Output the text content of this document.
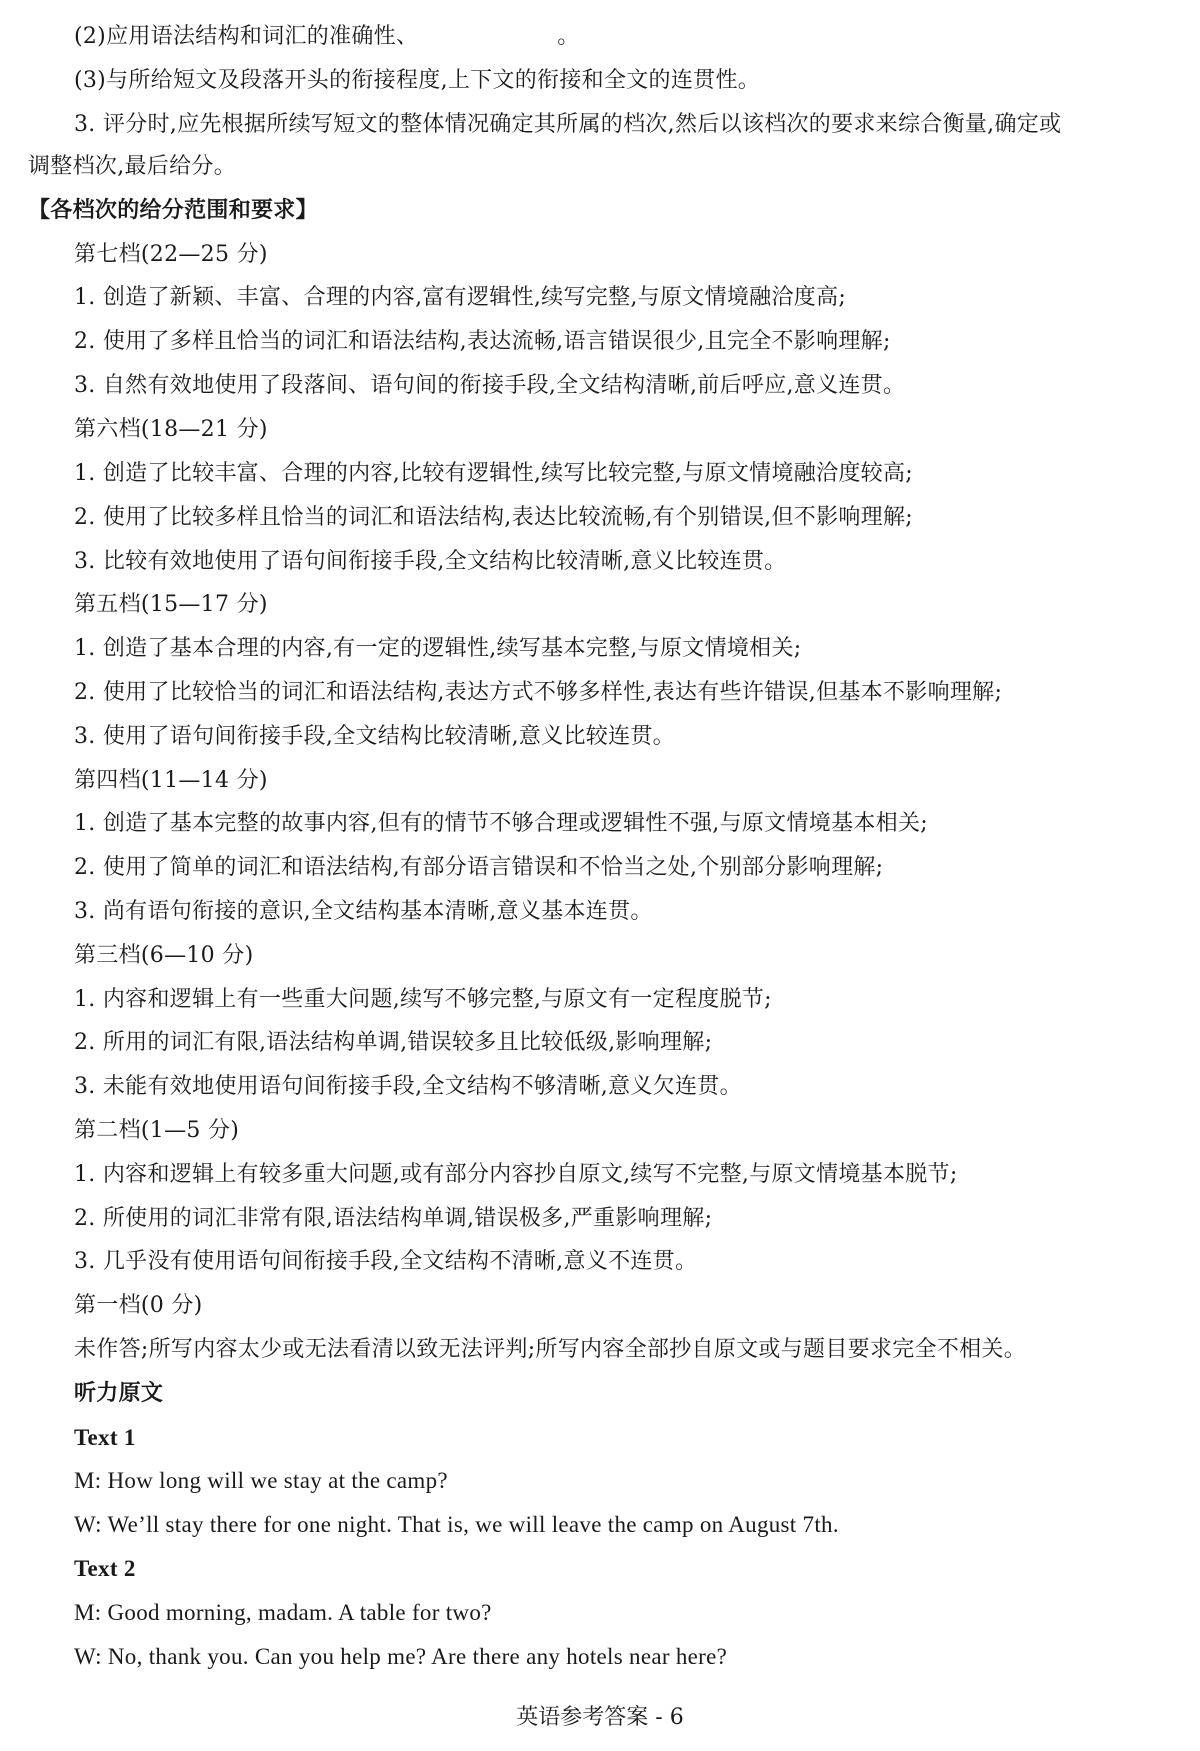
(2)应用语法结构和词汇的准确性、	。
(3)与所给短文及段落开头的衔接程度,上下文的衔接和全文的连贯性。
3. 评分时,应先根据所续写短文的整体情况确定其所属的档次,然后以该档次的要求来综合衡量,确定或
调整档次,最后给分。
【各档次的给分范围和要求】
第七档(22—25 分)
1. 创造了新颖、丰富、合理的内容,富有逻辑性,续写完整,与原文情境融洽度高;
2. 使用了多样且恰当的词汇和语法结构,表达流畅,语言错误很少,且完全不影响理解;
3. 自然有效地使用了段落间、语句间的衔接手段,全文结构清晰,前后呼应,意义连贯。
第六档(18—21 分)
1. 创造了比较丰富、合理的内容,比较有逻辑性,续写比较完整,与原文情境融洽度较高;
2. 使用了比较多样且恰当的词汇和语法结构,表达比较流畅,有个别错误,但不影响理解;
3. 比较有效地使用了语句间衔接手段,全文结构比较清晰,意义比较连贯。
第五档(15—17 分)
1. 创造了基本合理的内容,有一定的逻辑性,续写基本完整,与原文情境相关;
2. 使用了比较恰当的词汇和语法结构,表达方式不够多样性,表达有些许错误,但基本不影响理解;
3. 使用了语句间衔接手段,全文结构比较清晰,意义比较连贯。
第四档(11—14 分)
1. 创造了基本完整的故事内容,但有的情节不够合理或逻辑性不强,与原文情境基本相关;
2. 使用了简单的词汇和语法结构,有部分语言错误和不恰当之处,个别部分影响理解;
3. 尚有语句衔接的意识,全文结构基本清晰,意义基本连贯。
第三档(6—10 分)
1. 内容和逻辑上有一些重大问题,续写不够完整,与原文有一定程度脱节;
2. 所用的词汇有限,语法结构单调,错误较多且比较低级,影响理解;
3. 未能有效地使用语句间衔接手段,全文结构不够清晰,意义欠连贯。
第二档(1—5 分)
1. 内容和逻辑上有较多重大问题,或有部分内容抄自原文,续写不完整,与原文情境基本脱节;
2. 所使用的词汇非常有限,语法结构单调,错误极多,严重影响理解;
3. 几乎没有使用语句间衔接手段,全文结构不清晰,意义不连贯。
第一档(0 分)
未作答;所写内容太少或无法看清以致无法评判;所写内容全部抄自原文或与题目要求完全不相关。
听力原文
Text 1
M: How long will we stay at the camp?
W: We’ll stay there for one night. That is, we will leave the camp on August 7th.
Text 2
M: Good morning, madam. A table for two?
W: No, thank you. Can you help me? Are there any hotels near here?
英语参考答案 - 6
